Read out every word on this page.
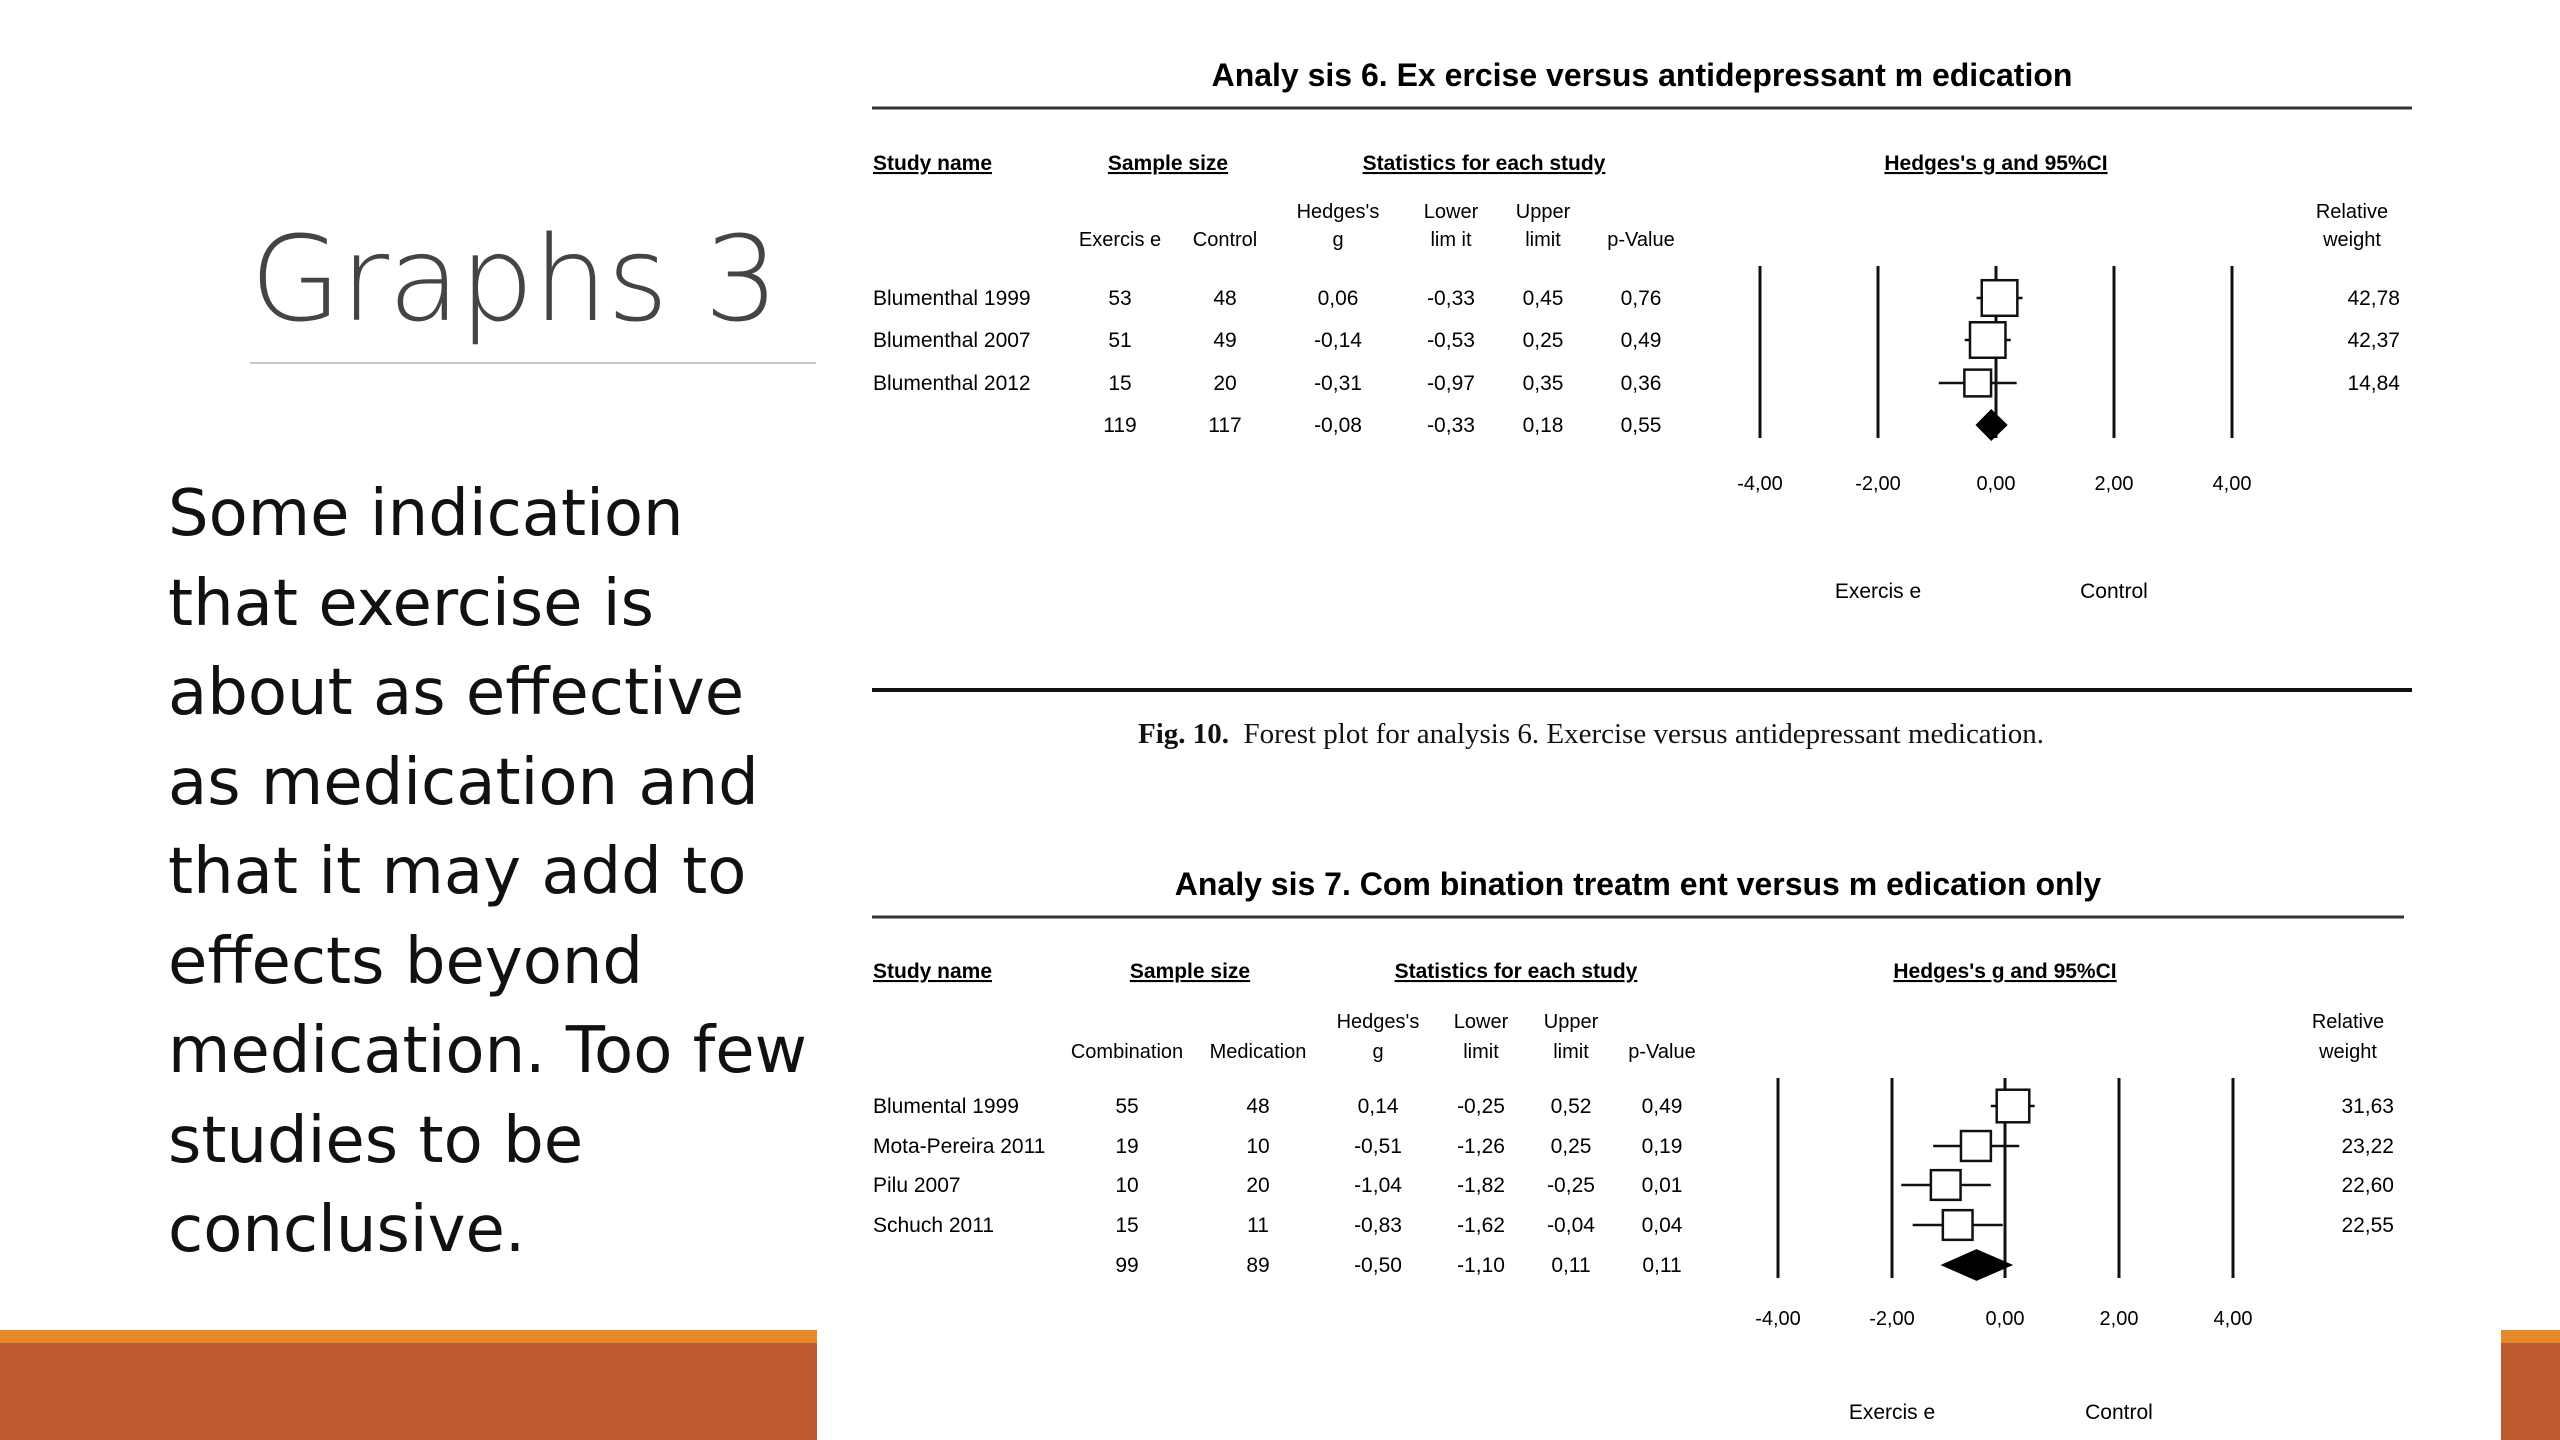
Graphs 3
Some indication that exercise is about as effective as medication and that it may add to effects beyond medication. Too few studies to be conclusive.
Fig. 10. Forest plot for analysis 6. Exercise versus antidepressant medication.
Analy sis 6. Ex ercise versus antidepressant m edication
Study name	Sample size	Statistics for each study	Hedges's g and 95%CI
Exercis e Control
Hedges's
g
Lower
lim it
Upper
limit p-Value
Relative
weight
-4,00	-2,00	0,00	2,00	4,00
Exercis e	Control
Blumenthal 1999	53	48	0,06	-0,33 0,45	0,76	42,78
Blumenthal 2007	51	49	-0,14	-0,53 0,25	0,49	42,37
Blumenthal 2012	15	20	-0,31	-0,97 0,35	0,36	14,84
119	117	-0,08	-0,33 0,18	0,55
Analy sis 7. Com bination treatm ent versus m edication only
Study name	Sample size	Statistics for each study	Hedges's g and 95%CI
Combination Medication
Hedges's
g
Lower
limit
Upper
limit p-Value
Relative
weight
-4,00	-2,00	0,00	2,00	4,00
Exercis e	Control
Blumental 1999	55	48	0,14	-0,25 0,52 0,49	31,63
Mota-Pereira 2011	19	10	-0,51	-1,26 0,25 0,19	23,22
Pilu 2007	10	20	-1,04	-1,82 -0,25 0,01	22,60
Schuch 2011	15	11	-0,83	-1,62 -0,04 0,04	22,55
99	89	-0,50	-1,10 0,11 0,11
